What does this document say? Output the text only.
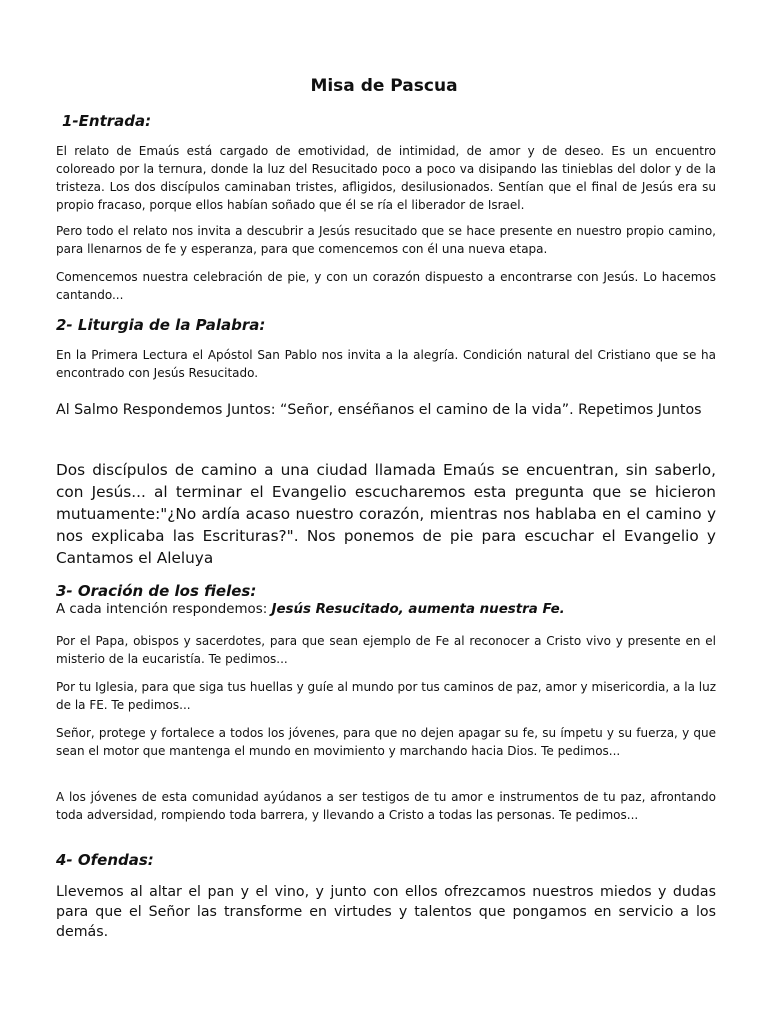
Misa de Pascua
1-Entrada:

El relato de Emaús está cargado de emotividad, de intimidad, de amor y de deseo. Es un encuentro coloreado por la ternura, donde la luz del Resucitado poco a poco va disipando las tinieblas del dolor y de la tristeza. Los dos discípulos caminaban tristes, afligidos, desilusionados. Sentían que el final de Jesús era su propio fracaso, porque ellos habían soñado que él se ría el liberador de Israel.

Pero todo el relato nos invita a descubrir a Jesús resucitado que se hace presente en nuestro propio camino, para llenarnos de fe y esperanza, para que comencemos con él una nueva etapa.

Comencemos nuestra celebración de pie, y con un corazón dispuesto a encontrarse con Jesús. Lo hacemos cantando...

2- Liturgia de la Palabra:

En la Primera Lectura el Apóstol San Pablo nos invita a la alegría. Condición natural del Cristiano que se ha encontrado con Jesús Resucitado.

Al Salmo Respondemos Juntos: “Señor, enséñanos el camino de la vida”. Repetimos Juntos

Dos discípulos de camino a una ciudad llamada Emaús se encuentran, sin saberlo, con Jesús... al terminar el Evangelio escucharemos esta pregunta que se hicieron mutuamente:"¿No ardía acaso nuestro corazón, mientras nos hablaba en el camino y nos explicaba las Escrituras?". Nos ponemos de pie para escuchar el Evangelio y Cantamos el Aleluya

3- Oración de los fieles:

A cada intención respondemos: Jesús Resucitado, aumenta nuestra Fe.

Por el Papa, obispos y sacerdotes, para que sean ejemplo de Fe al reconocer a Cristo vivo y presente en el misterio de la eucaristía. Te pedimos...

Por tu Iglesia, para que siga tus huellas y guíe al mundo por tus caminos de paz, amor y misericordia, a la luz de la FE. Te pedimos...

Señor, protege y fortalece a todos los jóvenes, para que no dejen apagar su fe, su ímpetu y su fuerza, y que sean el motor que mantenga el mundo en movimiento y marchando hacia Dios. Te pedimos...

A los jóvenes de esta comunidad ayúdanos a ser testigos de tu amor e instrumentos de tu paz, afrontando toda adversidad, rompiendo toda barrera, y llevando a Cristo a todas las personas. Te pedimos...

4- Ofendas:

Llevemos al altar el pan y el vino, y junto con ellos ofrezcamos nuestros miedos y dudas para que el Señor las transforme en virtudes y talentos que pongamos en servicio a los demás.
